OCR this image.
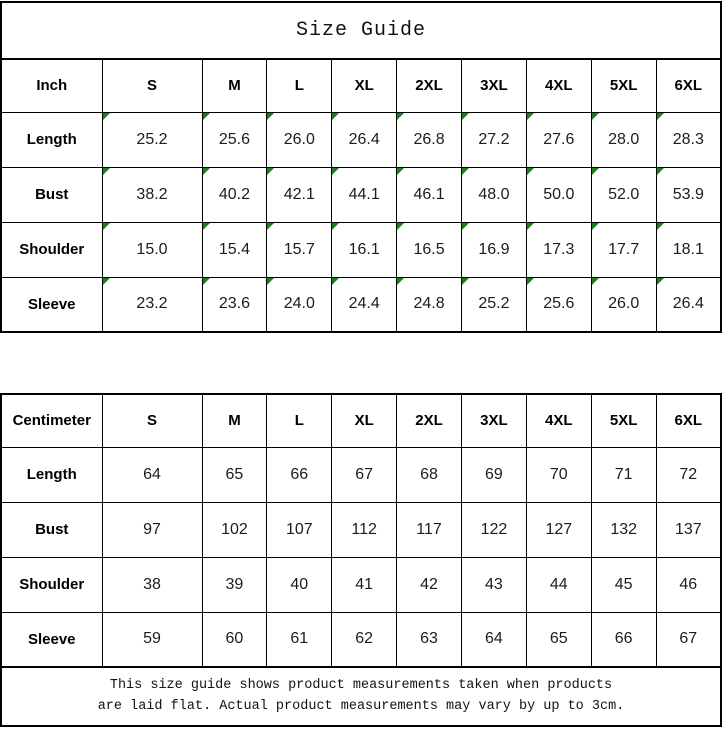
Size Guide
Inch	S	M	L	XL	2XL	3XL	4XL	5XL	6XL
Length	25.2	25.6	26.0	26.4	26.8	27.2	27.6	28.0	28.3
Bust	38.2	40.2	42.1	44.1	46.1	48.0	50.0	52.0	53.9
Shoulder	15.0	15.4	15.7	16.1	16.5	16.9	17.3	17.7	18.1
Sleeve	23.2	23.6	24.0	24.4	24.8	25.2	25.6	26.0	26.4
Centimeter	S	M	L	XL	2XL	3XL	4XL	5XL	6XL
Length	64	65	66	67	68	69	70	71	72
Bust	97	102	107	112	117	122	127	132	137
Shoulder	38	39	40	41	42	43	44	45	46
Sleeve	59	60	61	62	63	64	65	66	67
This size guide shows product measurements taken when products
are laid flat. Actual product measurements may vary by up to 3cm.
